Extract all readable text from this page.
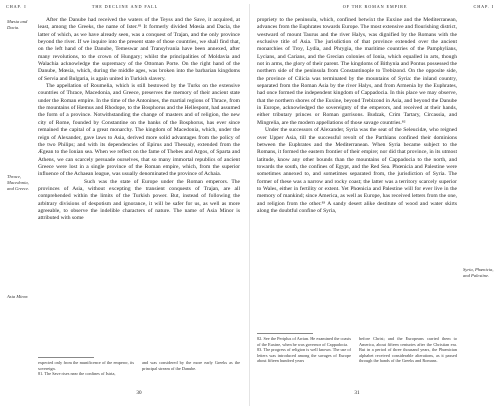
CHAP. I	THE DECLINE AND FALL
Mœsia and Dacia.
Thrace, Macedonia, and Greece.
Asia Minor.

After the Danube had received the waters of the Teyss and the Save, it acquired, at least, among the Greeks, the name of Ister.⁸¹ It formerly divided Mœsia and Dacia, the latter of which, as we have already seen, was a conquest of Trajan, and the only province beyond the river. If we inquire into the present state of those countries, we shall find that, on the left hand of the Danube, Temeswar and Transylvania have been annexed, after many revolutions, to the crown of Hungary; whilst the principalities of Moldavia and Walachia acknowledge the supremacy of the Ottoman Porte. On the right hand of the Danube, Mœsia, which, during the middle ages, was broken into the barbarian kingdoms of Servia and Bulgaria, is again united in Turkish slavery.

The appellation of Roumelia, which is still bestowed by the Turks on the extensive countries of Thrace, Macedonia, and Greece, preserves the memory of their ancient state under the Roman empire. In the time of the Antonines, the martial regions of Thrace, from the mountains of Hæmus and Rhodope, to the Bosphorus and the Hellespont, had assumed the form of a province. Notwithstanding the change of masters and of religion, the new city of Rome, founded by Constantine on the banks of the Bosphorus, has ever since remained the capital of a great monarchy. The kingdom of Macedonia, which, under the reign of Alexander, gave laws to Asia, derived more solid advantages from the policy of the two Philips; and with its dependencies of Epirus and Thessaly, extended from the Ægean to the Ionian sea. When we reflect on the fame of Thebes and Argos, of Sparta and Athens, we can scarcely persuade ourselves, that so many immortal republics of ancient Greece were lost in a single province of the Roman empire, which, from the superior influence of the Achaean league, was usually denominated the province of Achaia.

Such was the state of Europe under the Roman emperors. The provinces of Asia, without excepting the transient conquests of Trajan, are all comprehended within the limits of the Turkish power. But, instead of following the arbitrary divisions of despotism and ignorance, it will be safer for us, as well as more agreeable, to observe the indelible characters of nature. The name of Asia Minor is attributed with some

expected only from the munificence of the emperor, its sovereign.

81. The Save rises near the confines of Istria,

and was considered by the more early Greeks as the principal stream of the Danube.

30
OF THE ROMAN EMPIRE	CHAP. I
Syria, Phœnicia, and Palestine.

propriety to the peninsula, which, confined betwixt the Euxine and the Mediterranean, advances from the Euphrates towards Europe. The most extensive and flourishing district, westward of mount Taurus and the river Halys, was dignified by the Romans with the exclusive title of Asia. The jurisdiction of that province extended over the ancient monarchies of Troy, Lydia, and Phrygia, the maritime countries of the Pamphylians, Lycians, and Carians, and the Grecian colonies of Ionia, which equalled in arts, though not in arms, the glory of their parent. The kingdoms of Bithynia and Pontus possessed the northern side of the peninsula from Constantinople to Trebizond. On the opposite side, the province of Cilicia was terminated by the mountains of Syria: the inland country, separated from the Roman Asia by the river Halys, and from Armenia by the Euphrates, had once formed the independent kingdom of Cappadocia. In this place we may observe, that the northern shores of the Euxine, beyond Trebizond in Asia, and beyond the Danube in Europe, acknowledged the sovereignty of the emperors, and received at their hands, either tributary princes or Roman garrisons. Budzak, Crim Tartary, Circassia, and Mingrelia, are the modern appellations of those savage countries.⁸²

Under the successors of Alexander, Syria was the seat of the Seleucidæ, who reigned over Upper Asia, till the successful revolt of the Parthians confined their dominions between the Euphrates and the Mediterranean. When Syria became subject to the Romans, it formed the eastern frontier of their empire; nor did that province, in its utmost latitude, know any other bounds than the mountains of Cappadocia to the north, and towards the south, the confines of Egypt, and the Red Sea. Phœnicia and Palestine were sometimes annexed to, and sometimes separated from, the jurisdiction of Syria. The former of these was a narrow and rocky coast; the latter was a territory scarcely superior to Wales, either in fertility or extent. Yet Phœnicia and Palestine will for ever live in the memory of mankind; since America, as well as Europe, has received letters from the one, and religion from the other.⁸³ A sandy desert alike destitute of wood and water skirts along the doubtful confine of Syria,

82. See the Periplus of Arrian. He examined the coasts of the Euxine, when he was governor of Cappadocia.

83. The progress of religion is well known. The use of letters was introduced among the savages of Europe about fifteen hundred years

before Christ; and the Europeans carried them to America, about fifteen centuries after the Christian era. But in a period of three thousand years, the Phœnician alphabet received considerable alterations, as it passed through the hands of the Greeks and Romans.

31
